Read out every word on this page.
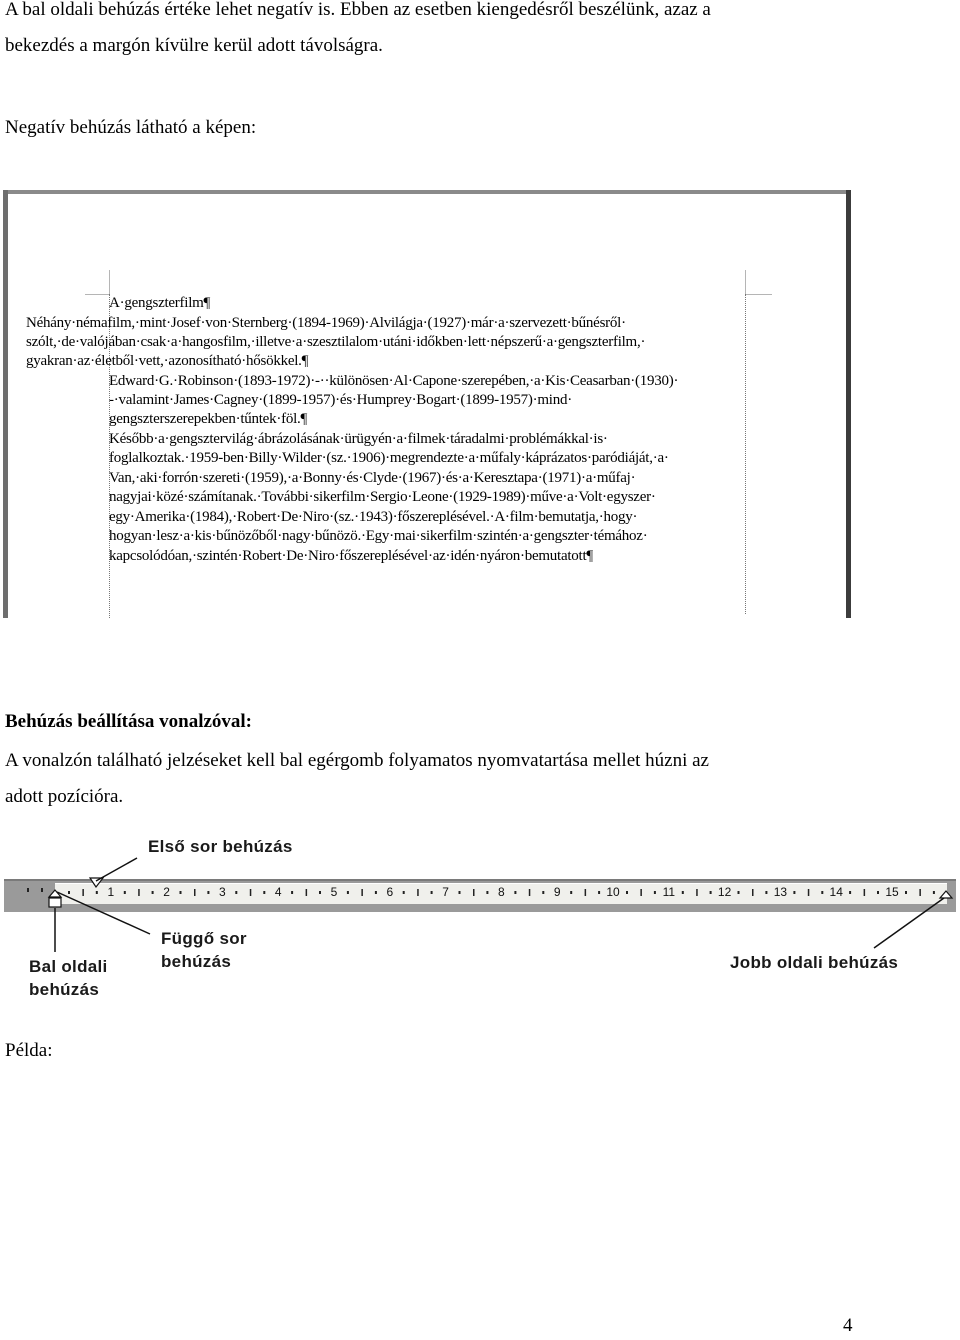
A bal oldali behúzás értéke lehet negatív is. Ebben az esetben kiengedésről beszélünk, azaz a
bekezdés a margón kívülre kerül adott távolságra.

Negatív behúzás látható a képen:

A·gengszterfilm¶
Néhány·némafilm,·mint·Josef·von·Sternberg·(1894-1969)·Alvilágja·(1927)·már·a·szervezett·bűnésről·
szólt,·de·valójában·csak·a·hangosfilm,·illetve·a·szesztilalom·utáni·időkben·lett·népszerű·a·gengszterfilm,·
gyakran·az·életből·vett,·azonosítható·hősökkel.¶
Edward·G.·Robinson·(1893-1972)·-··különösen·Al·Capone·szerepében,·a·Kis·Ceasarban·(1930)·
-·valamint·James·Cagney·(1899-1957)·és·Humprey·Bogart·(1899-1957)·mind·
gengszterszerepekben·tűntek·föl.¶
Később·a·gengsztervilág·ábrázolásának·ürügyén·a·filmek·táradalmi·problémákkal·is·
foglalkoztak.·1959-ben·Billy·Wilder·(sz.·1906)·megrendezte·a·műfaly·káprázatos·paródiáját,·a·
Van,·aki·forrón·szereti·(1959),·a·Bonny·és·Clyde·(1967)·és·a·Keresztapa·(1971)·a·műfaj·
nagyjai·közé·számítanak.·További·sikerfilm·Sergio·Leone·(1929-1989)·műve·a·Volt·egyszer·
egy·Amerika·(1984),·Robert·De·Niro·(sz.·1943)·főszereplésével.·A·film·bemutatja,·hogy·
hogyan·lesz·a·kis·bűnözőből·nagy·bűnözö.·Egy·mai·sikerfilm·szintén·a·gengszter·témához·
kapcsolódóan,·szintén·Robert·De·Niro·főszereplésével·az·idén·nyáron·bemutatott¶

Behúzás beállítása vonalzóval:

A vonalzón található jelzéseket kell bal egérgomb folyamatos nyomvatartása mellet húzni az
adott pozícióra.

1	2	3	4	5	6	7	8	9	10	11	12	13	14	15
Első sor behúzás
Függő sor
behúzás
Bal oldali
behúzás
Jobb oldali behúzás

Példa:

4
